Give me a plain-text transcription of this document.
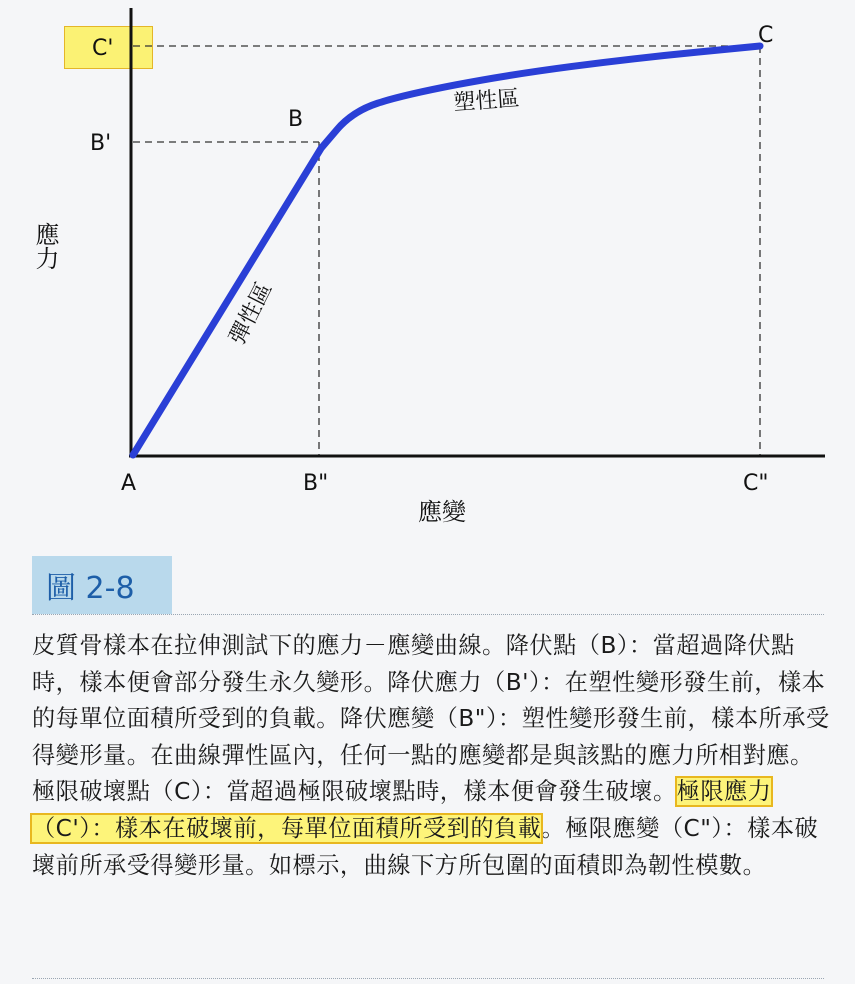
A
B
C
B"	C"
B'
C'
應力
應變
塑性區
彈性區
圖 2-8
皮質骨樣本在拉伸測試下的應力－應變曲線。降伏點（B）：當超過降伏點時，樣本便會部分發生永久變形。降伏應力（B'）：在塑性變形發生前，樣本的每單位面積所受到的負載。降伏應變（B"）：塑性變形發生前，樣本所承受得變形量。在曲線彈性區內，任何一點的應變都是與該點的應力所相對應。極限破壞點（C）：當超過極限破壞點時，樣本便會發生破壞。極限應力（C'）：樣本在破壞前，每單位面積所受到的負載。極限應變（C"）：樣本破壞前所承受得變形量。如標示，曲線下方所包圍的面積即為韌性模數。
